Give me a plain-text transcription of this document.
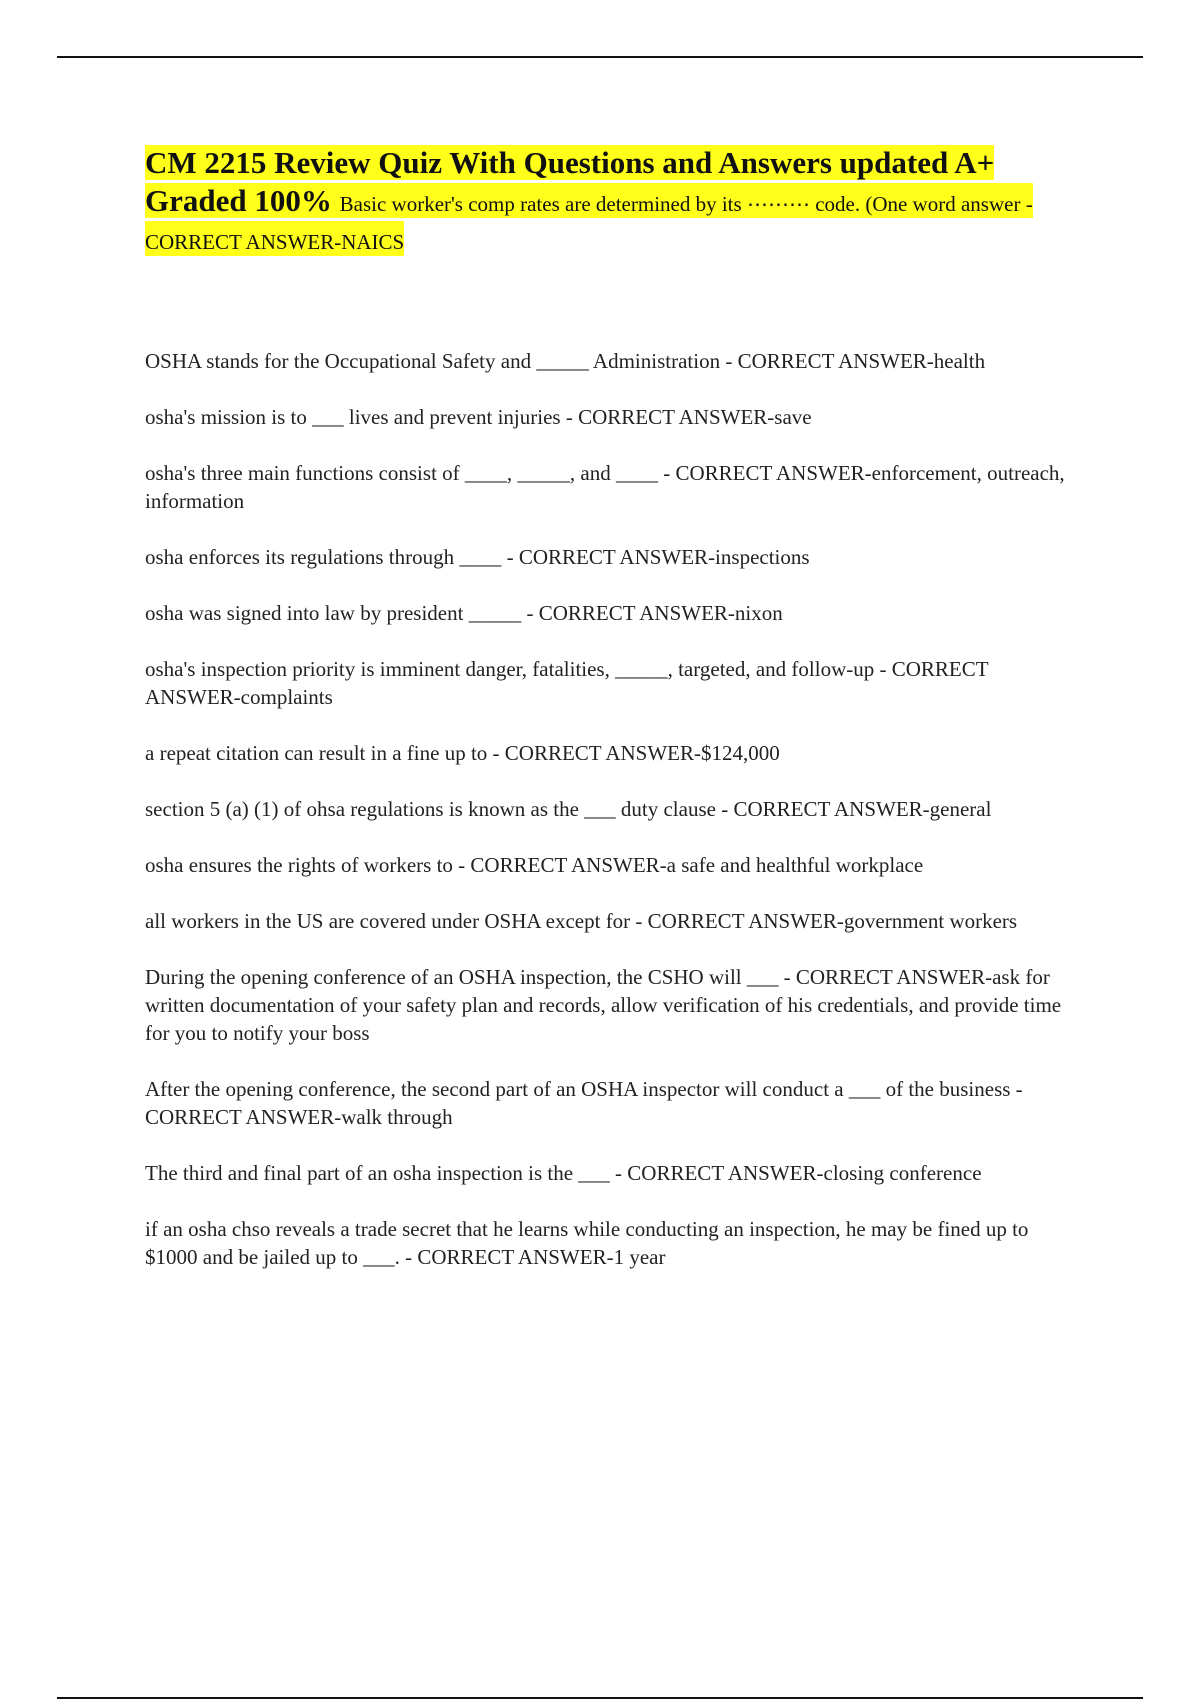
CM 2215 Review Quiz With Questions and Answers updated A+ Graded 100% Basic worker's comp rates are determined by its ⋯⋯⋯ code. (One word answer - CORRECT ANSWER-NAICS

OSHA stands for the Occupational Safety and _____ Administration - CORRECT ANSWER-health

osha's mission is to ___ lives and prevent injuries - CORRECT ANSWER-save

osha's three main functions consist of ____, _____, and ____ - CORRECT ANSWER-enforcement, outreach, information

osha enforces its regulations through ____ - CORRECT ANSWER-inspections

osha was signed into law by president _____ - CORRECT ANSWER-nixon

osha's inspection priority is imminent danger, fatalities, _____, targeted, and follow-up - CORRECT ANSWER-complaints

a repeat citation can result in a fine up to - CORRECT ANSWER-$124,000

section 5 (a) (1) of ohsa regulations is known as the ___ duty clause - CORRECT ANSWER-general

osha ensures the rights of workers to - CORRECT ANSWER-a safe and healthful workplace

all workers in the US are covered under OSHA except for - CORRECT ANSWER-government workers

During the opening conference of an OSHA inspection, the CSHO will ___ - CORRECT ANSWER-ask for written documentation of your safety plan and records, allow verification of his credentials, and provide time for you to notify your boss

After the opening conference, the second part of an OSHA inspector will conduct a ___ of the business - CORRECT ANSWER-walk through

The third and final part of an osha inspection is the ___ - CORRECT ANSWER-closing conference

if an osha chso reveals a trade secret that he learns while conducting an inspection, he may be fined up to $1000 and be jailed up to ___. - CORRECT ANSWER-1 year
